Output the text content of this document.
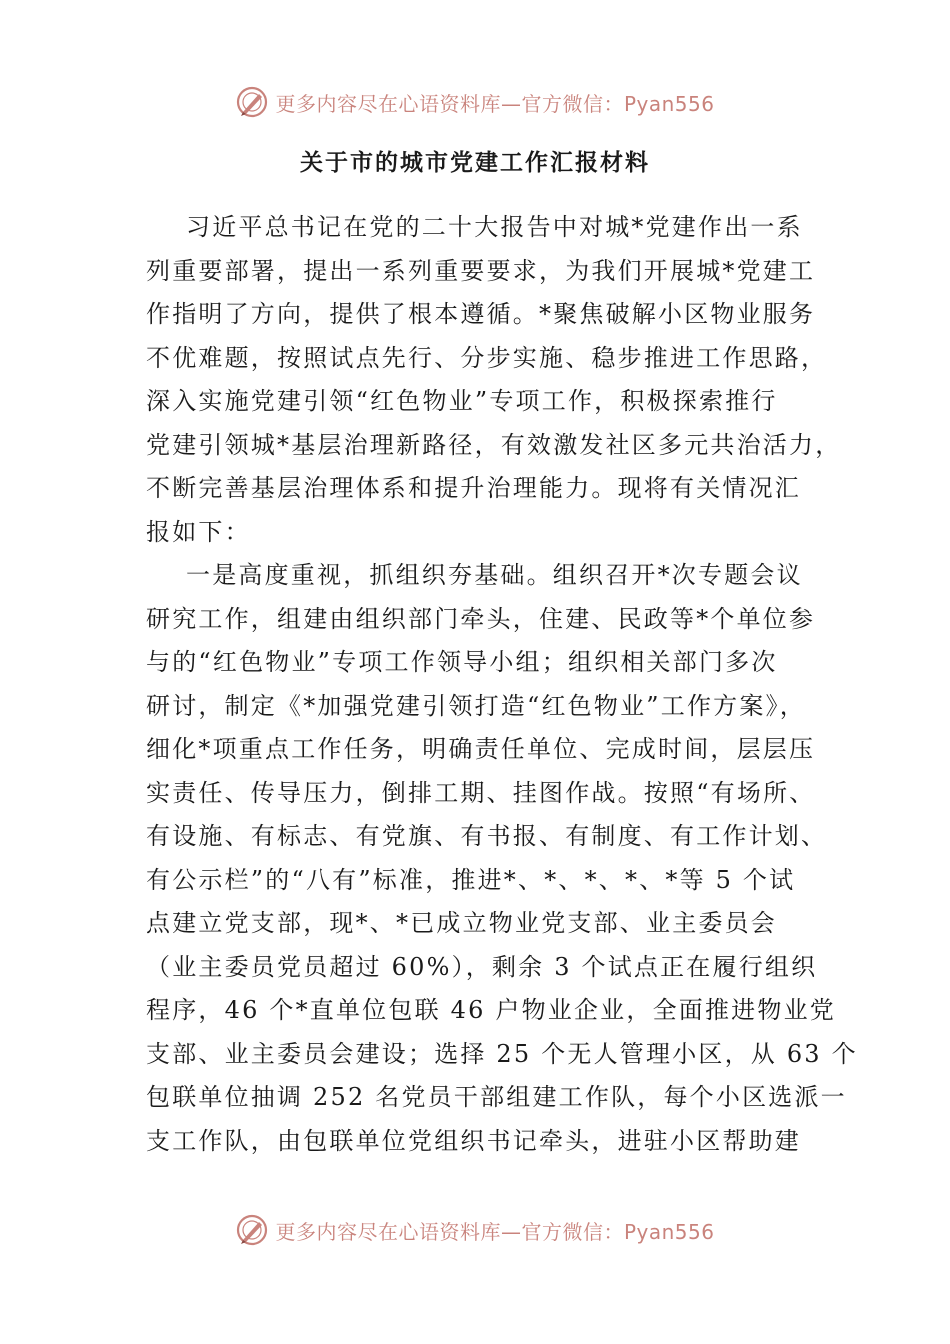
更多内容尽在心语资料库—官方微信：Pyan556
关于市的城市党建工作汇报材料
习近平总书记在党的二十大报告中对城*党建作出一系
列重要部署，提出一系列重要要求，为我们开展城*党建工
作指明了方向，提供了根本遵循。*聚焦破解小区物业服务
不优难题，按照试点先行、分步实施、稳步推进工作思路，
深入实施党建引领“红色物业”专项工作，积极探索推行
党建引领城*基层治理新路径，有效激发社区多元共治活力，
不断完善基层治理体系和提升治理能力。现将有关情况汇
报如下：
一是高度重视，抓组织夯基础。组织召开*次专题会议
研究工作，组建由组织部门牵头，住建、民政等*个单位参
与的“红色物业”专项工作领导小组；组织相关部门多次
研讨，制定《*加强党建引领打造“红色物业”工作方案》，
细化*项重点工作任务，明确责任单位、完成时间，层层压
实责任、传导压力，倒排工期、挂图作战。按照“有场所、
有设施、有标志、有党旗、有书报、有制度、有工作计划、
有公示栏”的“八有”标准，推进*、*、*、*、*等 5 个试
点建立党支部，现*、*已成立物业党支部、业主委员会
（业主委员党员超过 60%），剩余 3 个试点正在履行组织
程序，46 个*直单位包联 46 户物业企业，全面推进物业党
支部、业主委员会建设；选择 25 个无人管理小区，从 63 个
包联单位抽调 252 名党员干部组建工作队，每个小区选派一
支工作队，由包联单位党组织书记牵头，进驻小区帮助建
更多内容尽在心语资料库—官方微信：Pyan556
